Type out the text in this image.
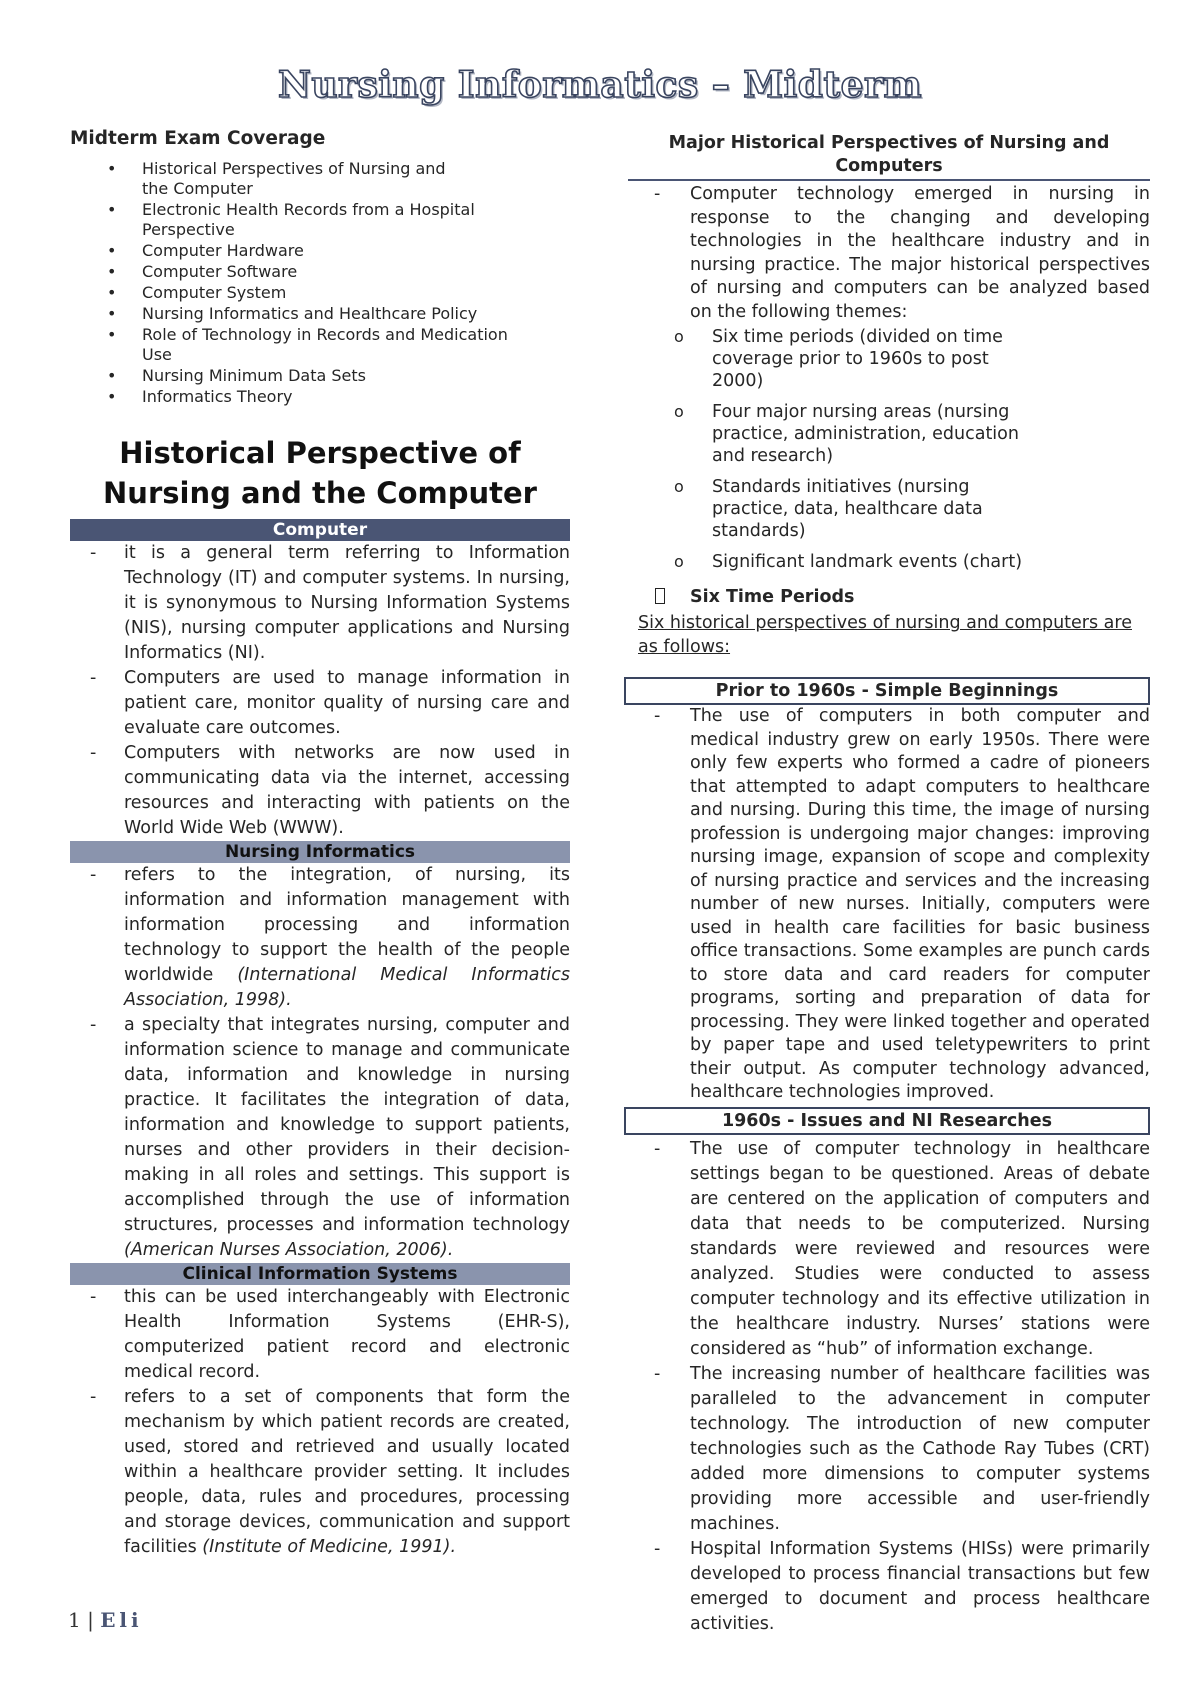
Nursing Informatics – Midterm
Midterm Exam Coverage
• Historical Perspectives of Nursing and the Computer
• Electronic Health Records from a Hospital Perspective
• Computer Hardware
• Computer Software
• Computer System
• Nursing Informatics and Healthcare Policy
• Role of Technology in Records and Medication Use
• Nursing Minimum Data Sets
• Informatics Theory
Historical Perspective of
Nursing and the Computer
Computer
- it is a general term referring to Information Technology (IT) and computer systems. In nursing, it is synonymous to Nursing Information Systems (NIS), nursing computer applications and Nursing Informatics (NI).
- Computers are used to manage information in patient care, monitor quality of nursing care and evaluate care outcomes.
- Computers with networks are now used in communicating data via the internet, accessing resources and interacting with patients on the World Wide Web (WWW).
Nursing Informatics
- refers to the integration, of nursing, its information and information management with information processing and information technology to support the health of the people worldwide (International Medical Informatics Association, 1998).
- a specialty that integrates nursing, computer and information science to manage and communicate data, information and knowledge in nursing practice. It facilitates the integration of data, information and knowledge to support patients, nurses and other providers in their decision-making in all roles and settings. This support is accomplished through the use of information structures, processes and information technology (American Nurses Association, 2006).
Clinical Information Systems
- this can be used interchangeably with Electronic Health Information Systems (EHR-S), computerized patient record and electronic medical record.
- refers to a set of components that form the mechanism by which patient records are created, used, stored and retrieved and usually located within a healthcare provider setting. It includes people, data, rules and procedures, processing and storage devices, communication and support facilities (Institute of Medicine, 1991).
Major Historical Perspectives of Nursing and Computers
- Computer technology emerged in nursing in response to the changing and developing technologies in the healthcare industry and in nursing practice. The major historical perspectives of nursing and computers can be analyzed based on the following themes:
o Six time periods (divided on time coverage prior to 1960s to post 2000)
o Four major nursing areas (nursing practice, administration, education and research)
o Standards initiatives (nursing practice, data, healthcare data standards)
o Significant landmark events (chart)
Six Time Periods
Six historical perspectives of nursing and computers are as follows:
Prior to 1960s - Simple Beginnings
- The use of computers in both computer and medical industry grew on early 1950s. There were only few experts who formed a cadre of pioneers that attempted to adapt computers to healthcare and nursing. During this time, the image of nursing profession is undergoing major changes: improving nursing image, expansion of scope and complexity of nursing practice and services and the increasing number of new nurses. Initially, computers were used in health care facilities for basic business office transactions. Some examples are punch cards to store data and card readers for computer programs, sorting and preparation of data for processing. They were linked together and operated by paper tape and used teletypewriters to print their output. As computer technology advanced, healthcare technologies improved.
1960s - Issues and NI Researches
- The use of computer technology in healthcare settings began to be questioned. Areas of debate are centered on the application of computers and data that needs to be computerized. Nursing standards were reviewed and resources were analyzed. Studies were conducted to assess computer technology and its effective utilization in the healthcare industry. Nurses’ stations were considered as “hub” of information exchange.
- The increasing number of healthcare facilities was paralleled to the advancement in computer technology. The introduction of new computer technologies such as the Cathode Ray Tubes (CRT) added more dimensions to computer systems providing more accessible and user-friendly machines.
- Hospital Information Systems (HISs) were primarily developed to process financial transactions but few emerged to document and process healthcare activities.
1 | Eli
